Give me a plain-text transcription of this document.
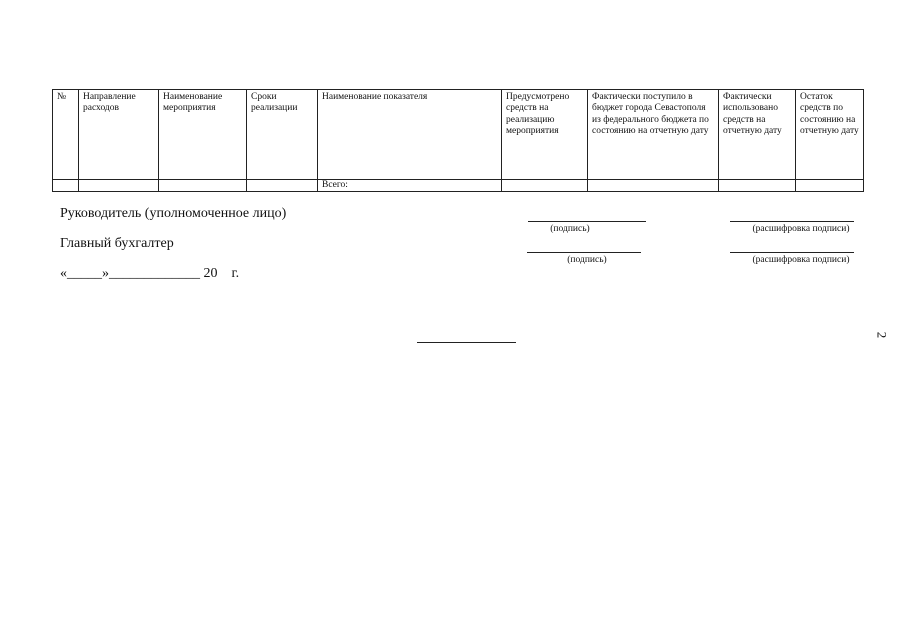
№	Направление расходов	Наименование мероприятия	Сроки реализации	Наименование показателя	Предусмотрено средств на реализацию мероприятия	Фактически поступило в бюджет города Севастополя из федерального бюджета по состоянию на отчетную дату	Фактически использовано средств на отчетную дату	Остаток средств по состоянию на отчетную дату
				Всего:				
Руководитель (уполномоченное лицо)
(подпись)	(расшифровка подписи)
Главный бухгалтер
(подпись)	(расшифровка подписи)
«_____»_____________ 20    г.
2
